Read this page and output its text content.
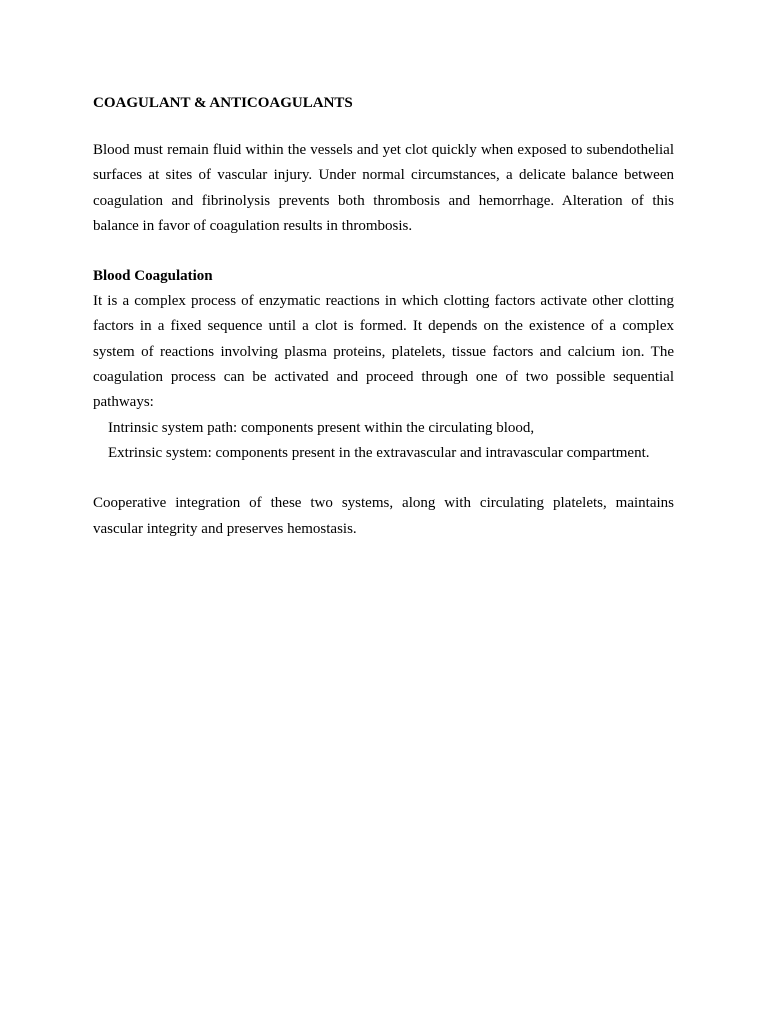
COAGULANT & ANTICOAGULANTS

Blood must remain fluid within the vessels and yet clot quickly when exposed to subendothelial surfaces at sites of vascular injury. Under normal circumstances, a delicate balance between coagulation and fibrinolysis prevents both thrombosis and hemorrhage. Alteration of this balance in favor of coagulation results in thrombosis.

Blood Coagulation

It is a complex process of enzymatic reactions in which clotting factors activate other clotting factors in a fixed sequence until a clot is formed. It depends on the existence of a complex system of reactions involving plasma proteins, platelets, tissue factors and calcium ion. The coagulation process can be activated and proceed through one of two possible sequential pathways:

Intrinsic system path: components present within the circulating blood,
Extrinsic system: components present in the extravascular and intravascular compartment.

Cooperative integration of these two systems, along with circulating platelets, maintains vascular integrity and preserves hemostasis.
